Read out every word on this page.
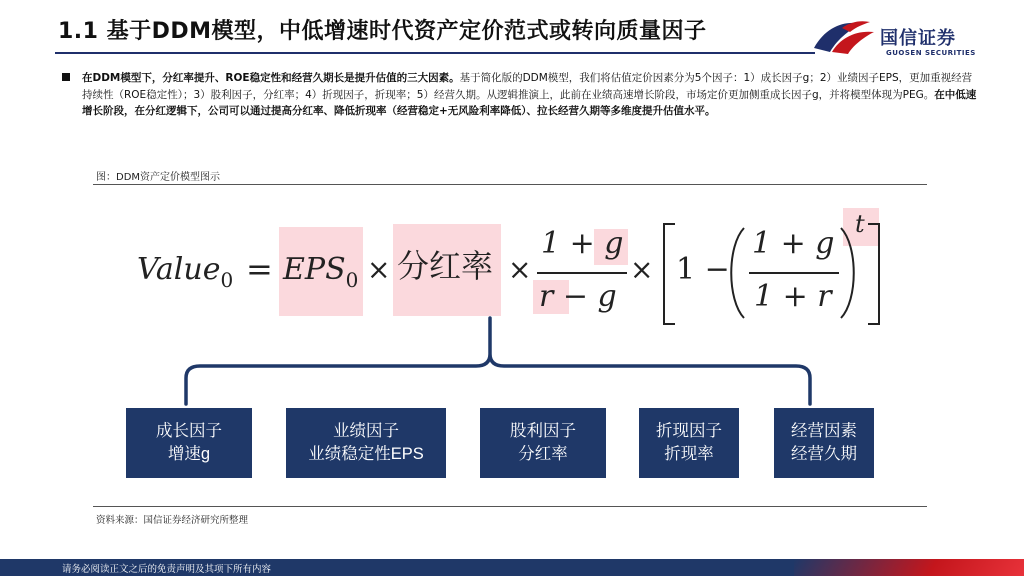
1.1 基于DDM模型，中低增速时代资产定价范式或转向质量因子	国信证券
GUOSEN SECURITIES
在DDM模型下，分红率提升、ROE稳定性和经营久期长是提升估值的三大因素。基于简化版的DDM模型，我们将估值定价因素分为5个因子：1）成长因子g；2）业绩因子EPS，更加重视经营持续性（ROE稳定性）；3）股利因子，分红率；4）折现因子，折现率；5）经营久期。从逻辑推演上，此前在业绩高速增长阶段，市场定价更加侧重成长因子g，并将模型体现为PEG。在中低速增长阶段，在分红逻辑下，公司可以通过提高分红率、降低折现率（经营稳定+无风险利率降低）、拉长经营久期等多维度提升估值水平。
图：DDM资产定价模型图示
Value$_0$ = $EPS_0$ × 分红率 ×
1 + g
r − g
× 1 −
1 + g
1 + r
t
成长因子
增速g
业绩因子
业绩稳定性EPS
股利因子
分红率
折现因子
折现率
经营因素
经营久期
资料来源：国信证券经济研究所整理
请务必阅读正文之后的免责声明及其项下所有内容
